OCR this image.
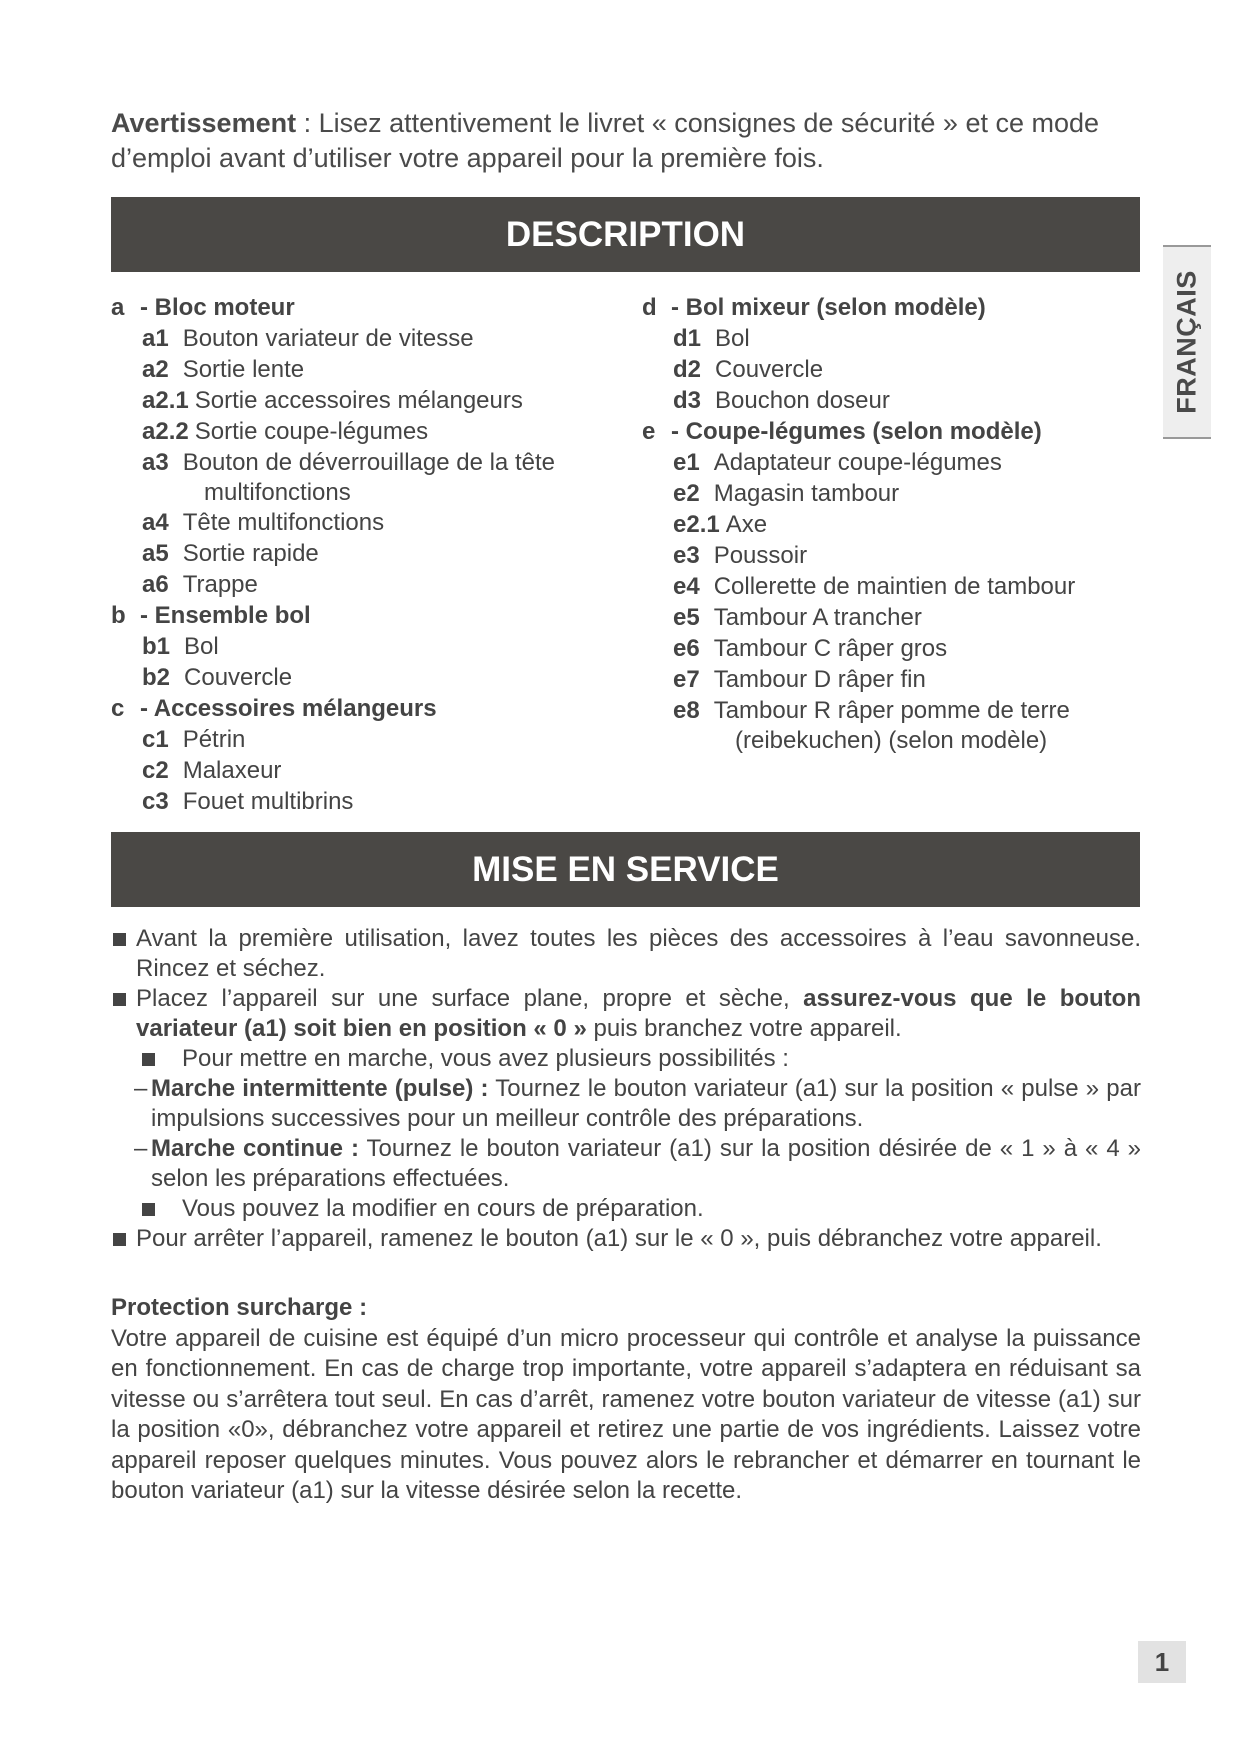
Avertissement : Lisez attentivement le livret « consignes de sécurité » et ce mode d’emploi avant d’utiliser votre appareil pour la première fois.
DESCRIPTION
FRANÇAIS
a - Bloc moteur
a1 Bouton variateur de vitesse
a2 Sortie lente
a2.1 Sortie accessoires mélangeurs
a2.2 Sortie coupe-légumes
a3 Bouton de déverrouillage de la tête
multifonctions
a4 Tête multifonctions
a5 Sortie rapide
a6 Trappe
b - Ensemble bol
b1 Bol
b2 Couvercle
c - Accessoires mélangeurs
c1 Pétrin
c2 Malaxeur
c3 Fouet multibrins
d - Bol mixeur (selon modèle)
d1 Bol
d2 Couvercle
d3 Bouchon doseur
e - Coupe-légumes (selon modèle)
e1 Adaptateur coupe-légumes
e2 Magasin tambour
e2.1 Axe
e3 Poussoir
e4 Collerette de maintien de tambour
e5 Tambour A trancher
e6 Tambour C râper gros
e7 Tambour D râper fin
e8 Tambour R râper pomme de terre
(reibekuchen) (selon modèle)
MISE EN SERVICE
Avant la première utilisation, lavez toutes les pièces des accessoires à l’eau savonneuse. Rincez et séchez.
Placez l’appareil sur une surface plane, propre et sèche, assurez-vous que le bouton variateur (a1) soit bien en position « 0 » puis branchez votre appareil.
Pour mettre en marche, vous avez plusieurs possibilités :
– Marche intermittente (pulse) : Tournez le bouton variateur (a1) sur la position « pulse » par impulsions successives pour un meilleur contrôle des préparations.
– Marche continue : Tournez le bouton variateur (a1) sur la position désirée de « 1 » à « 4 » selon les préparations effectuées.
Vous pouvez la modifier en cours de préparation.
Pour arrêter l’appareil, ramenez le bouton (a1) sur le « 0 », puis débranchez votre appareil.
Protection surcharge :
Votre appareil de cuisine est équipé d’un micro processeur qui contrôle et analyse la puissance en fonctionnement. En cas de charge trop importante, votre appareil s’adaptera en réduisant sa vitesse ou s’arrêtera tout seul. En cas d’arrêt, ramenez votre bouton variateur de vitesse (a1) sur la position «0», débranchez votre appareil et retirez une partie de vos ingrédients. Laissez votre appareil reposer quelques minutes. Vous pouvez alors le rebrancher et démarrer en tournant le bouton variateur (a1) sur la vitesse désirée selon la recette.
1
